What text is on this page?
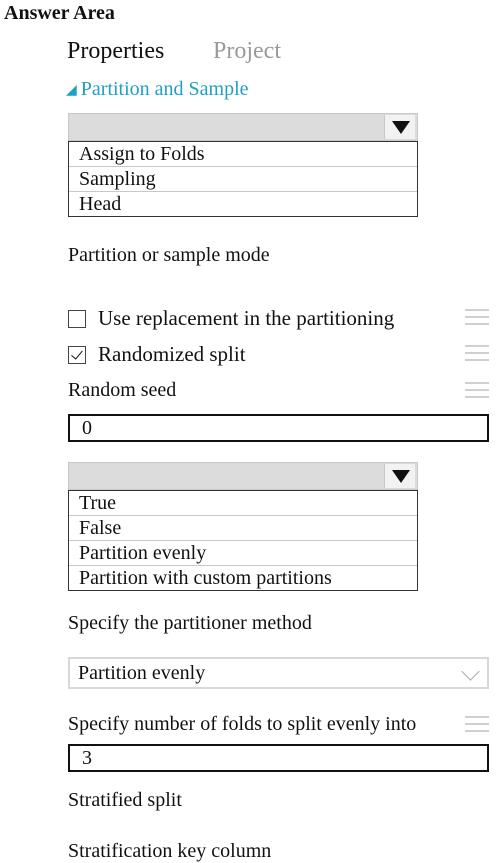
Answer Area
Properties Project
◢ Partition and Sample
Assign to Folds
Sampling
Head
Partition or sample mode
Use replacement in the partitioning
Randomized split
Random seed
0
True
False
Partition evenly
Partition with custom partitions
Specify the partitioner method
Partition evenly
Specify number of folds to split evenly into
3
Stratified split
Stratification key column
